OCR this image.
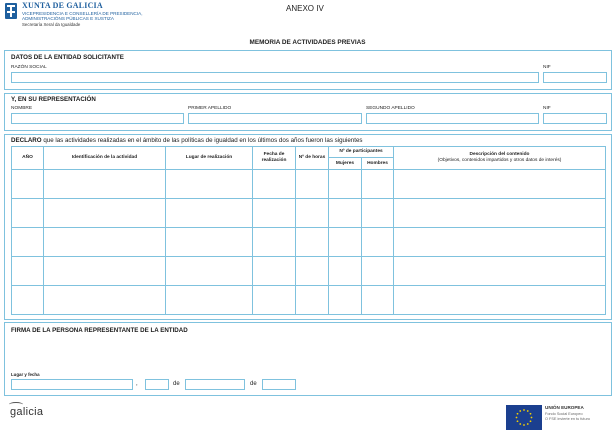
XUNTA DE GALICIA
VICEPRESIDENCIA E CONSELLERÍA DE PRESIDENCIA,
ADMINISTRACIÓNS PÚBLICAS E XUSTIZA
Secretaría Xeral da Igualdade
ANEXO IV
MEMORIA DE ACTIVIDADES PREVIAS
DATOS DE LA ENTIDAD SOLICITANTE
RAZÓN SOCIAL	NIF
Y, EN SU REPRESENTACIÓN
NOMBRE	PRIMER APELLIDO	SEGUNDO APELLIDO	NIF
DECLARO que las actividades realizadas en el ámbito de las políticas de igualdad en los últimos dos años fueron las siguientes
AÑO	Identificación de la actividad	Lugar de realización	Fecha de realización	Nº de horas	Nº de participantes		Descripción del contenido
(Objetivos, contenidos impartidos y otros datos de interés)

					Mujeres	Hombres	

FIRMA DE LA PERSONA REPRESENTANTE DE LA ENTIDAD
Lugar y fecha
,	de	de
galicia	UNIÓN EUROPEA
Fondo Social Europeo
O FSE invierte en tu futuro
